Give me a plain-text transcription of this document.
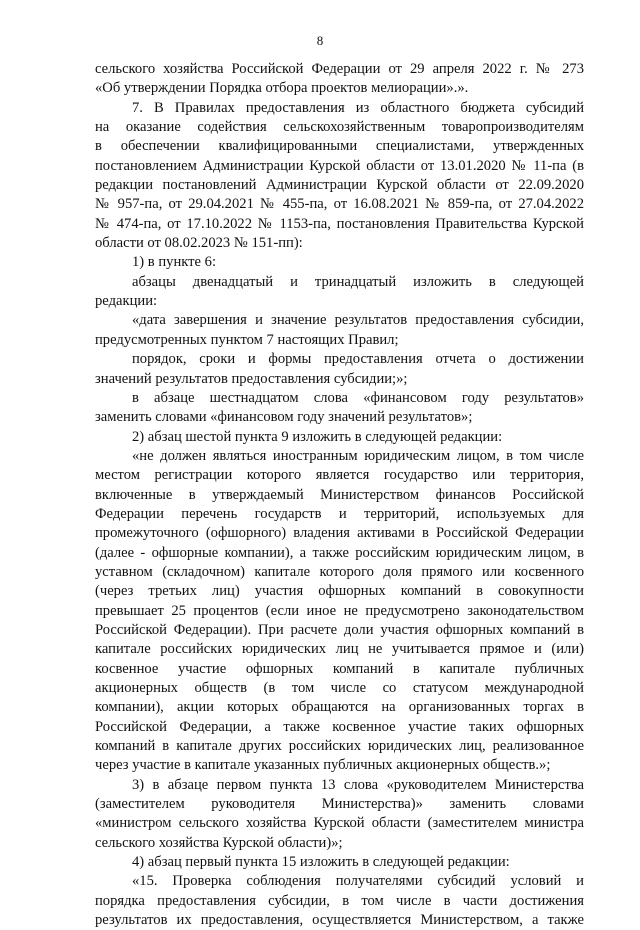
8
сельского хозяйства Российской Федерации от 29 апреля 2022 г. № 273
«Об утверждении Порядка отбора проектов мелиорации».».
7. В Правилах предоставления из областного бюджета субсидий
на оказание содействия сельскохозяйственным товаропроизводителям
в обеспечении квалифицированными специалистами, утвержденных
постановлением Администрации Курской области от 13.01.2020 № 11-па (в
редакции постановлений Администрации Курской области от 22.09.2020
№ 957-па, от 29.04.2021 № 455-па, от 16.08.2021 № 859-па, от 27.04.2022
№ 474-па, от 17.10.2022 № 1153-па, постановления Правительства Курской
области от 08.02.2023 № 151-пп):
1) в пункте 6:
абзацы двенадцатый и тринадцатый изложить в следующей
редакции:
«дата завершения и значение результатов предоставления субсидии,
предусмотренных пунктом 7 настоящих Правил;
порядок, сроки и формы предоставления отчета о достижении
значений результатов предоставления субсидии;»;
в абзаце шестнадцатом слова «финансовом году результатов»
заменить словами «финансовом году значений результатов»;
2) абзац шестой пункта 9 изложить в следующей редакции:
«не должен являться иностранным юридическим лицом, в том числе
местом регистрации которого является государство или территория,
включенные в утверждаемый Министерством финансов Российской
Федерации перечень государств и территорий, используемых для
промежуточного (офшорного) владения активами в Российской Федерации
(далее - офшорные компании), а также российским юридическим лицом, в
уставном (складочном) капитале которого доля прямого или косвенного
(через третьих лиц) участия офшорных компаний в совокупности
превышает 25 процентов (если иное не предусмотрено законодательством
Российской Федерации). При расчете доли участия офшорных компаний в
капитале российских юридических лиц не учитывается прямое и (или)
косвенное участие офшорных компаний в капитале публичных
акционерных обществ (в том числе со статусом международной
компании), акции которых обращаются на организованных торгах в
Российской Федерации, а также косвенное участие таких офшорных
компаний в капитале других российских юридических лиц, реализованное
через участие в капитале указанных публичных акционерных обществ.»;
3) в абзаце первом пункта 13 слова «руководителем Министерства
(заместителем руководителя Министерства)» заменить словами
«министром сельского хозяйства Курской области (заместителем министра
сельского хозяйства Курской области)»;
4) абзац первый пункта 15 изложить в следующей редакции:
«15. Проверка соблюдения получателями субсидий условий и
порядка предоставления субсидии, в том числе в части достижения
результатов их предоставления, осуществляется Министерством, а также
